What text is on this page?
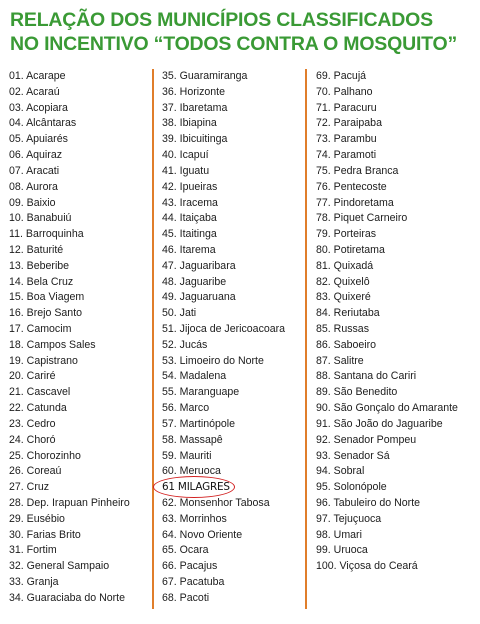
RELAÇÃO DOS MUNICÍPIOS CLASSIFICADOS
NO INCENTIVO “TODOS CONTRA O MOSQUITO”
01. Acarape
02. Acaraú
03. Acopiara
04. Alcântaras
05. Apuiarés
06. Aquiraz
07. Aracati
08. Aurora
09. Baixio
10. Banabuiú
11. Barroquinha
12. Baturité
13. Beberibe
14. Bela Cruz
15. Boa Viagem
16. Brejo Santo
17. Camocim
18. Campos Sales
19. Capistrano
20. Cariré
21. Cascavel
22. Catunda
23. Cedro
24. Choró
25. Chorozinho
26. Coreaú
27. Cruz
28. Dep. Irapuan Pinheiro
29. Eusébio
30. Farias Brito
31. Fortim
32. General Sampaio
33. Granja
34. Guaraciaba do Norte
35. Guaramiranga
36. Horizonte
37. Ibaretama
38. Ibiapina
39. Ibicuitinga
40. Icapuí
41. Iguatu
42. Ipueiras
43. Iracema
44. Itaiçaba
45. Itaitinga
46. Itarema
47. Jaguaribara
48. Jaguaribe
49. Jaguaruana
50. Jati
51. Jijoca de Jericoacoara
52. Jucás
53. Limoeiro do Norte
54. Madalena
55. Maranguape
56. Marco
57. Martinópole
58. Massapê
59. Mauriti
60. Meruoca
61 MILAGRES
62. Monsenhor Tabosa
63. Morrinhos
64. Novo Oriente
65. Ocara
66. Pacajus
67. Pacatuba
68. Pacoti
69. Pacujá
70. Palhano
71. Paracuru
72. Paraipaba
73. Parambu
74. Paramoti
75. Pedra Branca
76. Pentecoste
77. Pindoretama
78. Piquet Carneiro
79. Porteiras
80. Potiretama
81. Quixadá
82. Quixelô
83. Quixeré
84. Reriutaba
85. Russas
86. Saboeiro
87. Salitre
88. Santana do Cariri
89. São Benedito
90. São Gonçalo do Amarante
91. São João do Jaguaribe
92. Senador Pompeu
93. Senador Sá
94. Sobral
95. Solonópole
96. Tabuleiro do Norte
97. Tejuçuoca
98. Umari
99. Uruoca
100. Viçosa do Ceará
